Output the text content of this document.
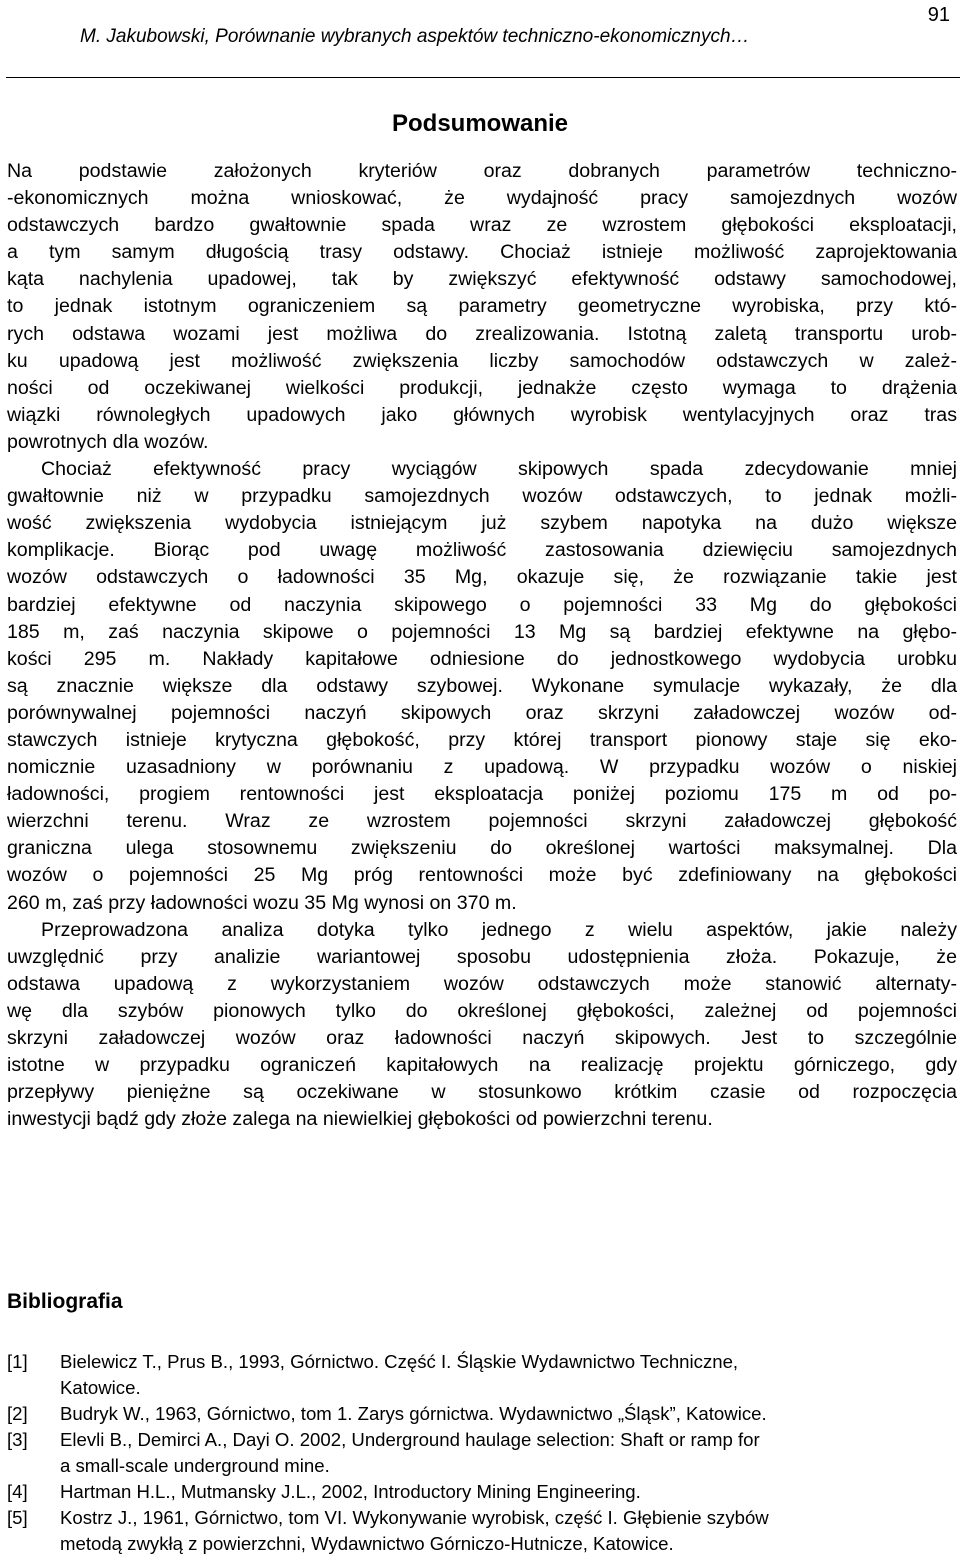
M. Jakubowski, Porównanie wybranych aspektów techniczno-ekonomicznych…
91
Podsumowanie

Na podstawie założonych kryteriów oraz dobranych parametrów techniczno-
-ekonomicznych można wnioskować, że wydajność pracy samojezdnych wozów
odstawczych bardzo gwałtownie spada wraz ze wzrostem głębokości eksploatacji,
a tym samym długością trasy odstawy. Chociaż istnieje możliwość zaprojektowania
kąta nachylenia upadowej, tak by zwiększyć efektywność odstawy samochodowej,
to jednak istotnym ograniczeniem są parametry geometryczne wyrobiska, przy któ-
rych odstawa wozami jest możliwa do zrealizowania. Istotną zaletą transportu urob-
ku upadową jest możliwość zwiększenia liczby samochodów odstawczych w zależ-
ności od oczekiwanej wielkości produkcji, jednakże często wymaga to drążenia
wiązki równoległych upadowych jako głównych wyrobisk wentylacyjnych oraz tras
powrotnych dla wozów.

Chociaż efektywność pracy wyciągów skipowych spada zdecydowanie mniej
gwałtownie niż w przypadku samojezdnych wozów odstawczych, to jednak możli-
wość zwiększenia wydobycia istniejącym już szybem napotyka na dużo większe
komplikacje. Biorąc pod uwagę możliwość zastosowania dziewięciu samojezdnych
wozów odstawczych o ładowności 35 Mg, okazuje się, że rozwiązanie takie jest
bardziej efektywne od naczynia skipowego o pojemności 33 Mg do głębokości
185 m, zaś naczynia skipowe o pojemności 13 Mg są bardziej efektywne na głębo-
kości 295 m. Nakłady kapitałowe odniesione do jednostkowego wydobycia urobku
są znacznie większe dla odstawy szybowej. Wykonane symulacje wykazały, że dla
porównywalnej pojemności naczyń skipowych oraz skrzyni załadowczej wozów od-
stawczych istnieje krytyczna głębokość, przy której transport pionowy staje się eko-
nomicznie uzasadniony w porównaniu z upadową. W przypadku wozów o niskiej
ładowności, progiem rentowności jest eksploatacja poniżej poziomu 175 m od po-
wierzchni terenu. Wraz ze wzrostem pojemności skrzyni załadowczej głębokość
graniczna ulega stosownemu zwiększeniu do określonej wartości maksymalnej. Dla
wozów o pojemności 25 Mg próg rentowności może być zdefiniowany na głębokości
260 m, zaś przy ładowności wozu 35 Mg wynosi on 370 m.

Przeprowadzona analiza dotyka tylko jednego z wielu aspektów, jakie należy
uwzględnić przy analizie wariantowej sposobu udostępnienia złoża. Pokazuje, że
odstawa upadową z wykorzystaniem wozów odstawczych może stanowić alternaty-
wę dla szybów pionowych tylko do określonej głębokości, zależnej od pojemności
skrzyni załadowczej wozów oraz ładowności naczyń skipowych. Jest to szczególnie
istotne w przypadku ograniczeń kapitałowych na realizację projektu górniczego, gdy
przepływy pieniężne są oczekiwane w stosunkowo krótkim czasie od rozpoczęcia
inwestycji bądź gdy złoże zalega na niewielkiej głębokości od powierzchni terenu.

Bibliografia
[1] Bielewicz T., Prus B., 1993, Górnictwo. Część I. Śląskie Wydawnictwo Techniczne,
Katowice.
[2] Budryk W., 1963, Górnictwo, tom 1. Zarys górnictwa. Wydawnictwo „Śląsk”, Katowice.
[3] Elevli B., Demirci A., Dayi O. 2002, Underground haulage selection: Shaft or ramp for
a small-scale underground mine.
[4] Hartman H.L., Mutmansky J.L., 2002, Introductory Mining Engineering.
[5] Kostrz J., 1961, Górnictwo, tom VI. Wykonywanie wyrobisk, część I. Głębienie szybów
metodą zwykłą z powierzchni, Wydawnictwo Górniczo-Hutnicze, Katowice.
